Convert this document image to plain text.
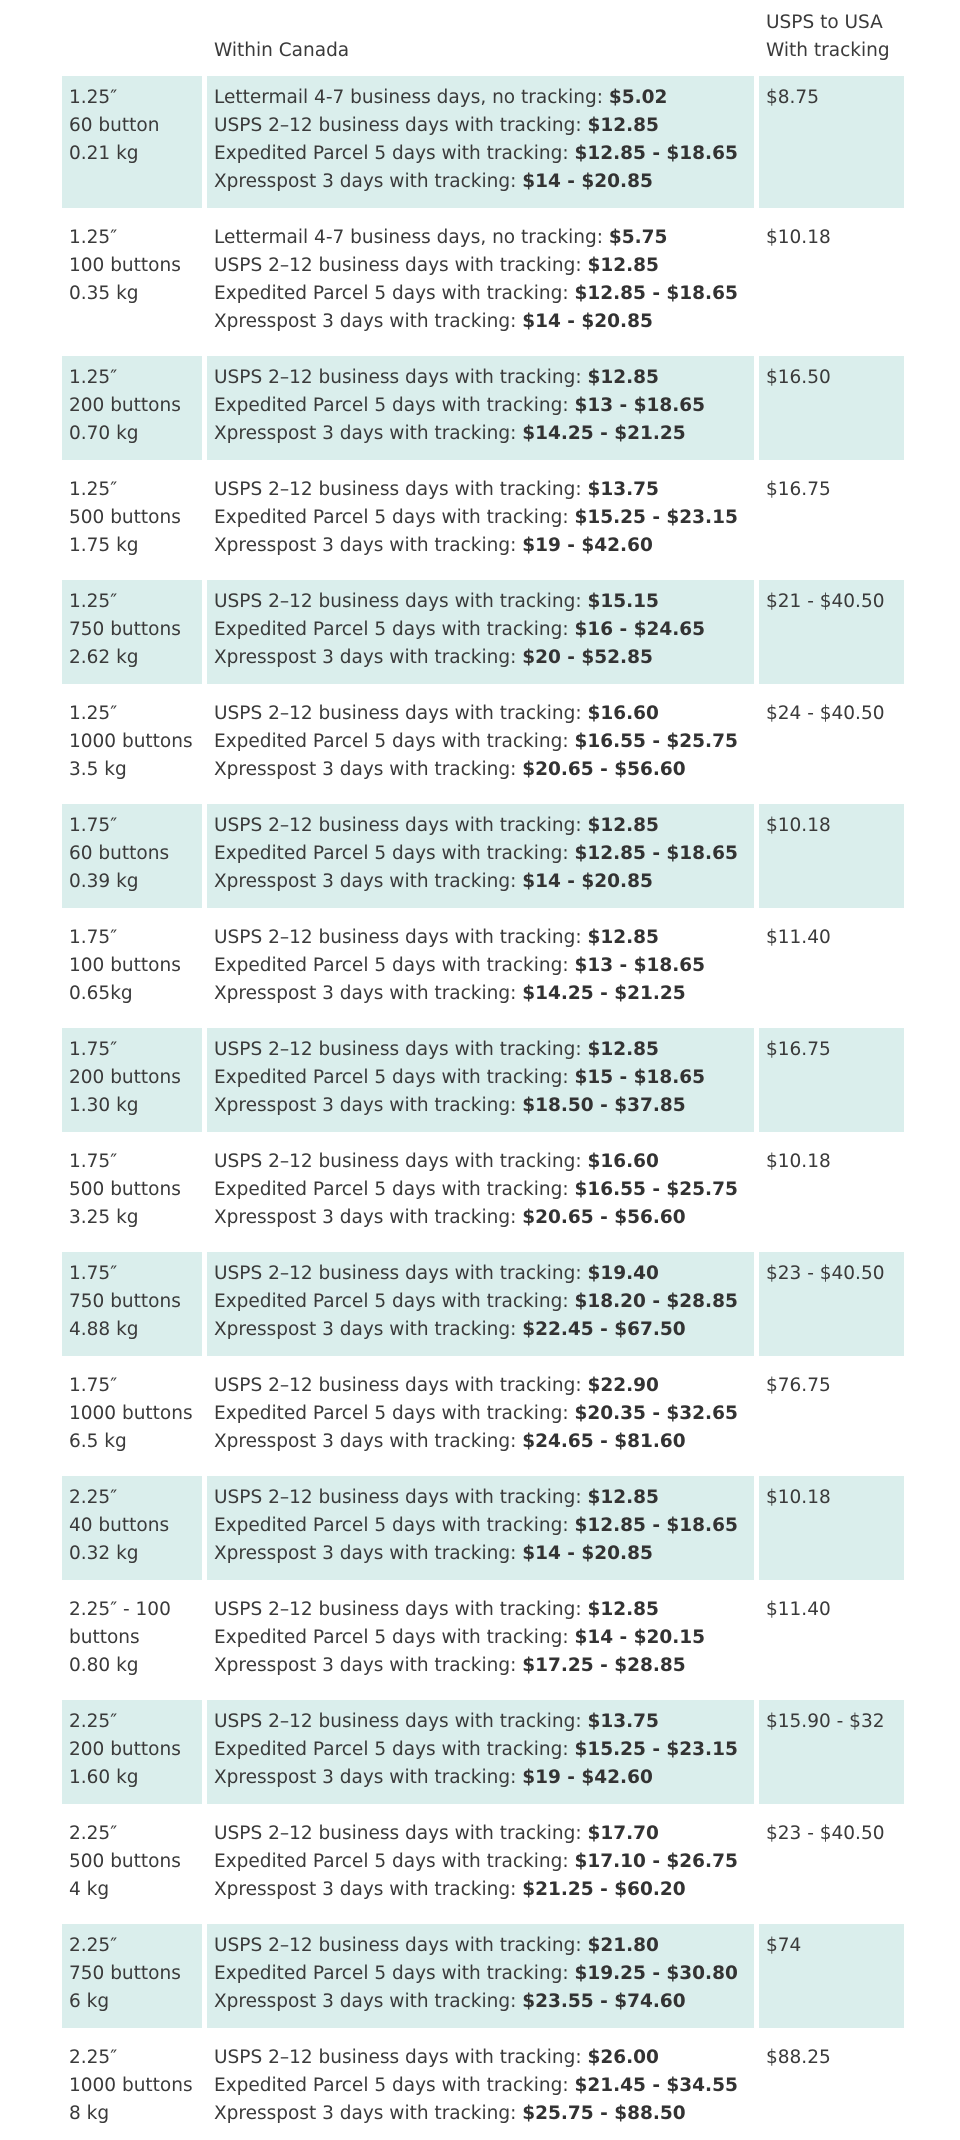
	Within Canada	USPS to USA
With tracking

1.25″
60 button
0.21 kg	Lettermail 4-7 business days, no tracking: $5.02
USPS 2–12 business days with tracking: $12.85
Expedited Parcel 5 days with tracking: $12.85 - $18.65
Xpresspost 3 days with tracking: $14 - $20.85	$8.75

1.25″
100 buttons
0.35 kg	Lettermail 4-7 business days, no tracking: $5.75
USPS 2–12 business days with tracking: $12.85
Expedited Parcel 5 days with tracking: $12.85 - $18.65
Xpresspost 3 days with tracking: $14 - $20.85	$10.18

1.25″
200 buttons
0.70 kg	USPS 2–12 business days with tracking: $12.85
Expedited Parcel 5 days with tracking: $13 - $18.65
Xpresspost 3 days with tracking: $14.25 - $21.25	$16.50

1.25″
500 buttons
1.75 kg	USPS 2–12 business days with tracking: $13.75
Expedited Parcel 5 days with tracking: $15.25 - $23.15
Xpresspost 3 days with tracking: $19 - $42.60	$16.75

1.25″
750 buttons
2.62 kg	USPS 2–12 business days with tracking: $15.15
Expedited Parcel 5 days with tracking: $16 - $24.65
Xpresspost 3 days with tracking: $20 - $52.85	$21 - $40.50

1.25″
1000 buttons
3.5 kg	USPS 2–12 business days with tracking: $16.60
Expedited Parcel 5 days with tracking: $16.55 - $25.75
Xpresspost 3 days with tracking: $20.65 - $56.60	$24 - $40.50

1.75″
60 buttons
0.39 kg	USPS 2–12 business days with tracking: $12.85
Expedited Parcel 5 days with tracking: $12.85 - $18.65
Xpresspost 3 days with tracking: $14 - $20.85	$10.18

1.75″
100 buttons
0.65kg	USPS 2–12 business days with tracking: $12.85
Expedited Parcel 5 days with tracking: $13 - $18.65
Xpresspost 3 days with tracking: $14.25 - $21.25	$11.40

1.75″
200 buttons
1.30 kg	USPS 2–12 business days with tracking: $12.85
Expedited Parcel 5 days with tracking: $15 - $18.65
Xpresspost 3 days with tracking: $18.50 - $37.85	$16.75

1.75″
500 buttons
3.25 kg	USPS 2–12 business days with tracking: $16.60
Expedited Parcel 5 days with tracking: $16.55 - $25.75
Xpresspost 3 days with tracking: $20.65 - $56.60	$10.18

1.75″
750 buttons
4.88 kg	USPS 2–12 business days with tracking: $19.40
Expedited Parcel 5 days with tracking: $18.20 - $28.85
Xpresspost 3 days with tracking: $22.45 - $67.50	$23 - $40.50

1.75″
1000 buttons
6.5 kg	USPS 2–12 business days with tracking: $22.90
Expedited Parcel 5 days with tracking: $20.35 - $32.65
Xpresspost 3 days with tracking: $24.65 - $81.60	$76.75

2.25″
40 buttons
0.32 kg	USPS 2–12 business days with tracking: $12.85
Expedited Parcel 5 days with tracking: $12.85 - $18.65
Xpresspost 3 days with tracking: $14 - $20.85	$10.18

2.25″ - 100
buttons
0.80 kg	USPS 2–12 business days with tracking: $12.85
Expedited Parcel 5 days with tracking: $14 - $20.15
Xpresspost 3 days with tracking: $17.25 - $28.85	$11.40

2.25″
200 buttons
1.60 kg	USPS 2–12 business days with tracking: $13.75
Expedited Parcel 5 days with tracking: $15.25 - $23.15
Xpresspost 3 days with tracking: $19 - $42.60	$15.90 - $32

2.25″
500 buttons
4 kg	USPS 2–12 business days with tracking: $17.70
Expedited Parcel 5 days with tracking: $17.10 - $26.75
Xpresspost 3 days with tracking: $21.25 - $60.20	$23 - $40.50

2.25″
750 buttons
6 kg	USPS 2–12 business days with tracking: $21.80
Expedited Parcel 5 days with tracking: $19.25 - $30.80
Xpresspost 3 days with tracking: $23.55 - $74.60	$74

2.25″
1000 buttons
8 kg	USPS 2–12 business days with tracking: $26.00
Expedited Parcel 5 days with tracking: $21.45 - $34.55
Xpresspost 3 days with tracking: $25.75 - $88.50	$88.25
